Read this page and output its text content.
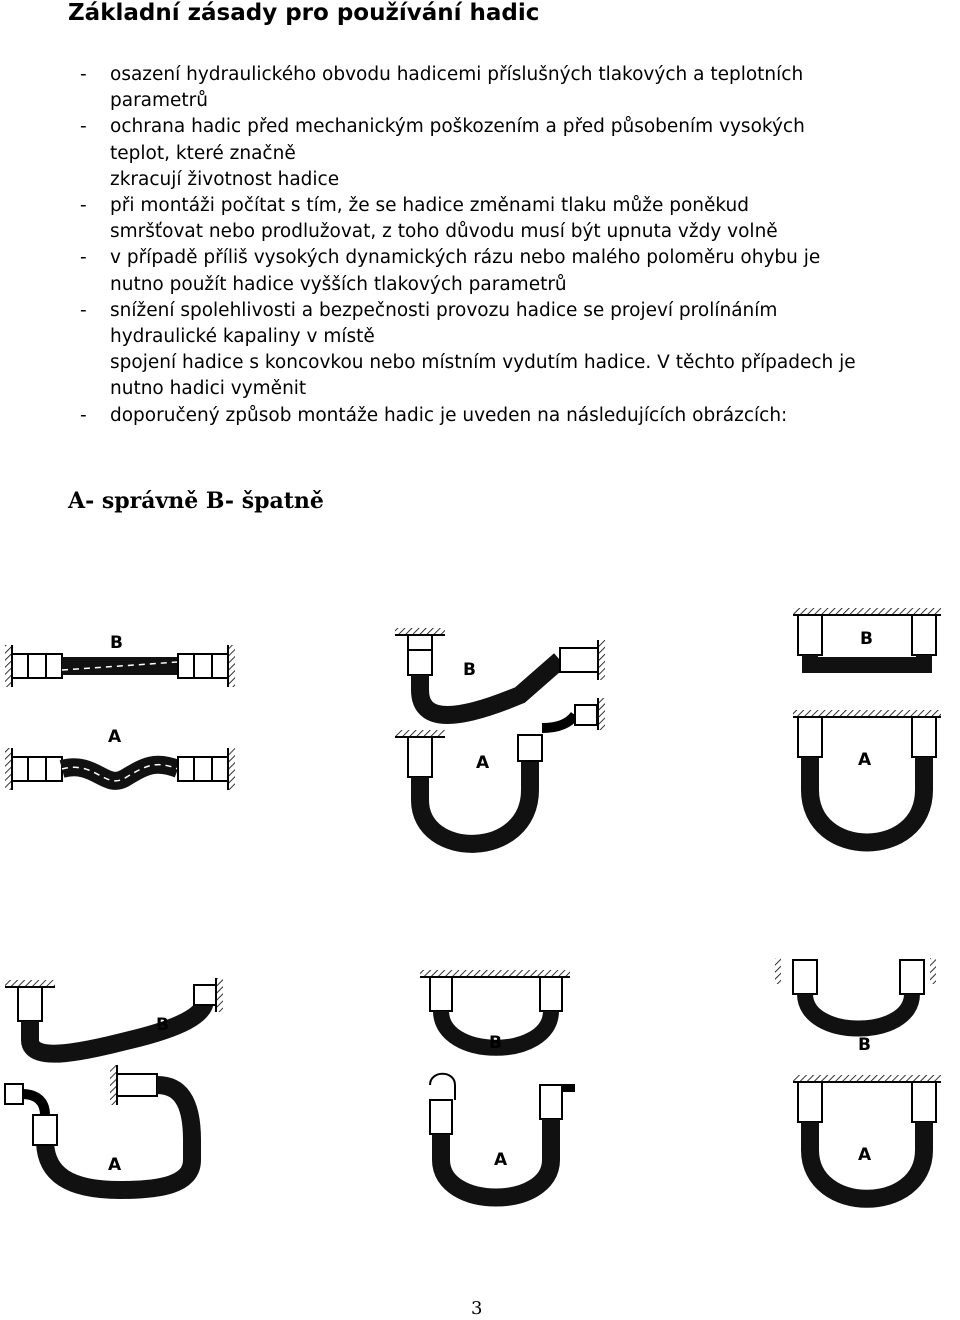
Základní zásady pro používání hadic
- osazení hydraulického obvodu hadicemi příslušných tlakových a teplotních
parametrů
- ochrana hadic před mechanickým poškozením a před působením vysokých
teplot, které značně
zkracují životnost hadice
- při montáži počítat s tím, že se hadice změnami tlaku může poněkud
smršťovat nebo prodlužovat, z toho důvodu musí být upnuta vždy volně
- v případě příliš vysokých dynamických rázu nebo malého poloměru ohybu je
nutno použít hadice vyšších tlakových parametrů
- snížení spolehlivosti a bezpečnosti provozu hadice se projeví prolínáním
hydraulické kapaliny v místě
spojení hadice s koncovkou nebo místním vydutím hadice. V těchto případech je
nutno hadici vyměnit
- doporučený způsob montáže hadic je uveden na následujících obrázcích:
A- správně B- špatně
B
A
B
A
B
A
B
A
B
A
B
A
3
